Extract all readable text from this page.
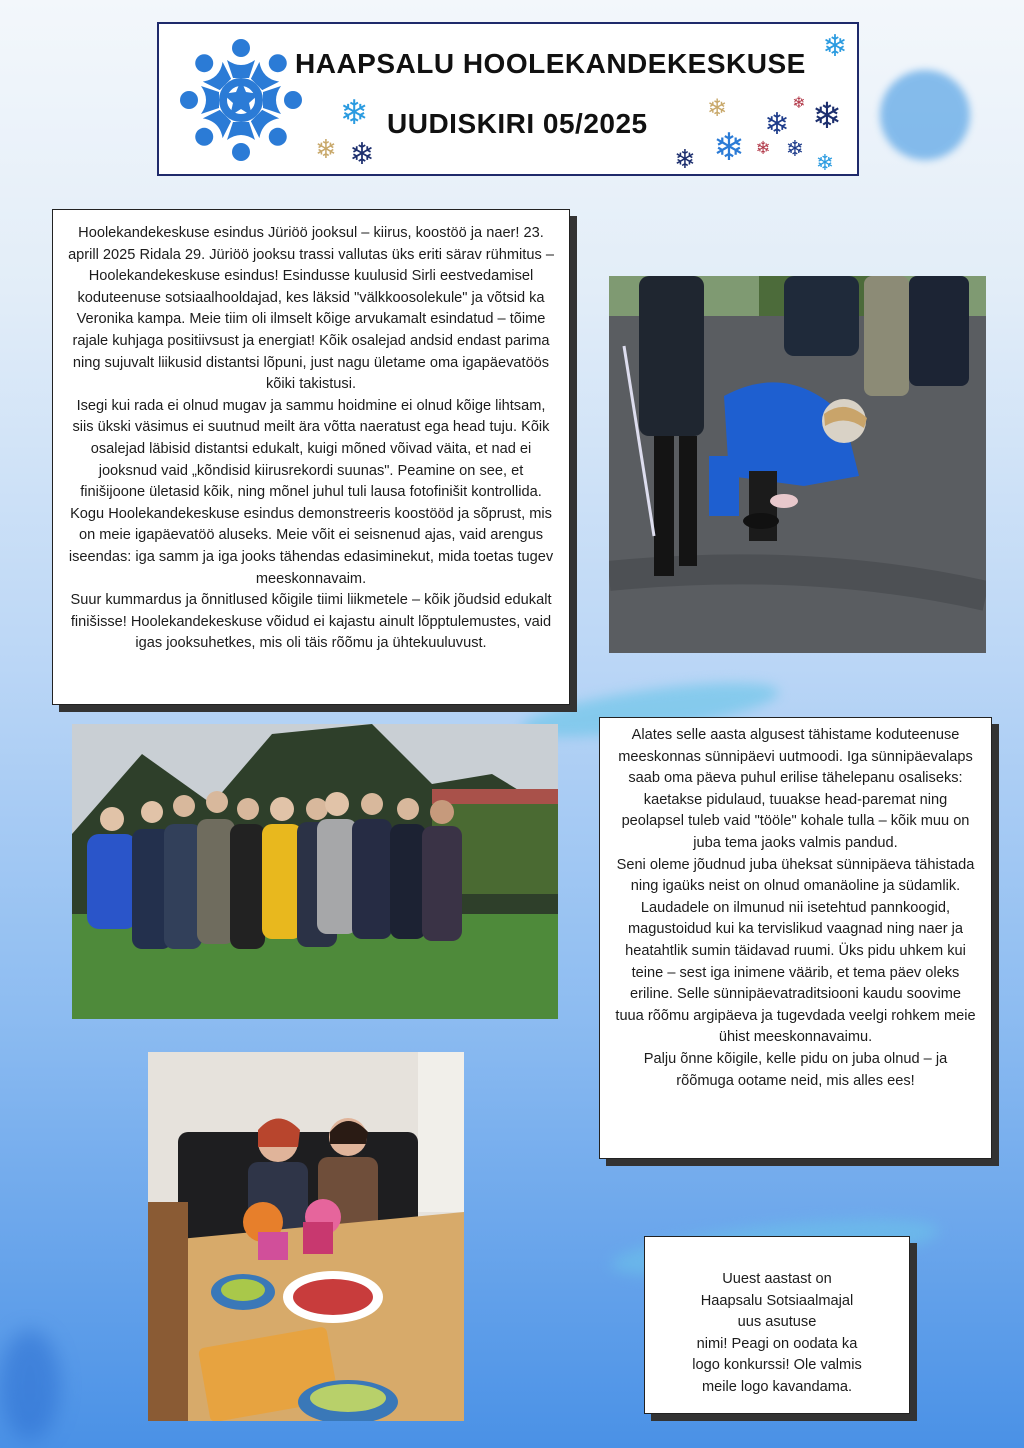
HAAPSALU HOOLEKANDEKESKUSE
UUDISKIRI 05/2025
❄
❄ ❄
❄ ❄ ❄
❄
❄
❄	❄ ❄
❄
❄
Hoolekandekeskuse esindus Jüriöö jooksul – kiirus, koostöö ja naer! 23. aprill 2025 Ridala 29. Jüriöö jooksu trassi vallutas üks eriti särav rühmitus – Hoolekandekeskuse esindus! Esindusse kuulusid Sirli eestvedamisel koduteenuse sotsiaalhooldajad, kes läksid "välkkoosolekule" ja võtsid ka Veronika kampa. Meie tiim oli ilmselt kõige arvukamalt esindatud – tõime rajale kuhjaga positiivsust ja energiat! Kõik osalejad andsid endast parima ning sujuvalt liikusid distantsi lõpuni, just nagu ületame oma igapäevatöös kõiki takistusi.
Isegi kui rada ei olnud mugav ja sammu hoidmine ei olnud kõige lihtsam, siis ükski väsimus ei suutnud meilt ära võtta naeratust ega head tuju. Kõik osalejad läbisid distantsi edukalt, kuigi mõned võivad väita, et nad ei jooksnud vaid „kõndisid kiirusrekordi suunas". Peamine on see, et finišijoone ületasid kõik, ning mõnel juhul tuli lausa fotofinišit kontrollida. Kogu Hoolekandekeskuse esindus demonstreeris koostööd ja sõprust, mis on meie igapäevatöö aluseks. Meie võit ei seisnenud ajas, vaid arengus iseendas: iga samm ja iga jooks tähendas edasiminekut, mida toetas tugev meeskonnavaim.
Suur kummardus ja õnnitlused kõigile tiimi liikmetele – kõik jõudsid edukalt finišisse! Hoolekandekeskuse võidud ei kajastu ainult lõpptulemustes, vaid igas jooksuhetkes, mis oli täis rõõmu ja ühtekuuluvust.
Alates selle aasta algusest tähistame koduteenuse meeskonnas sünnipäevi uutmoodi. Iga sünnipäevalaps saab oma päeva puhul erilise tähelepanu osaliseks: kaetakse pidulaud, tuuakse head-paremat ning peolapsel tuleb vaid "tööle" kohale tulla – kõik muu on juba tema jaoks valmis pandud.
Seni oleme jõudnud juba üheksat sünnipäeva tähistada ning igaüks neist on olnud omanäoline ja südamlik. Laudadele on ilmunud nii isetehtud pannkoogid, magustoidud kui ka tervislikud vaagnad ning naer ja heatahtlik sumin täidavad ruumi. Üks pidu uhkem kui teine – sest iga inimene väärib, et tema päev oleks eriline. Selle sünnipäevatraditsiooni kaudu soovime tuua rõõmu argipäeva ja tugevdada veelgi rohkem meie ühist meeskonnavaimu.
Palju õnne kõigile, kelle pidu on juba olnud – ja rõõmuga ootame neid, mis alles ees!
Uuest aastast on
Haapsalu Sotsiaalmajal
uus asutuse
nimi! Peagi on oodata ka
logo konkurssi! Ole valmis
meile logo kavandama.
